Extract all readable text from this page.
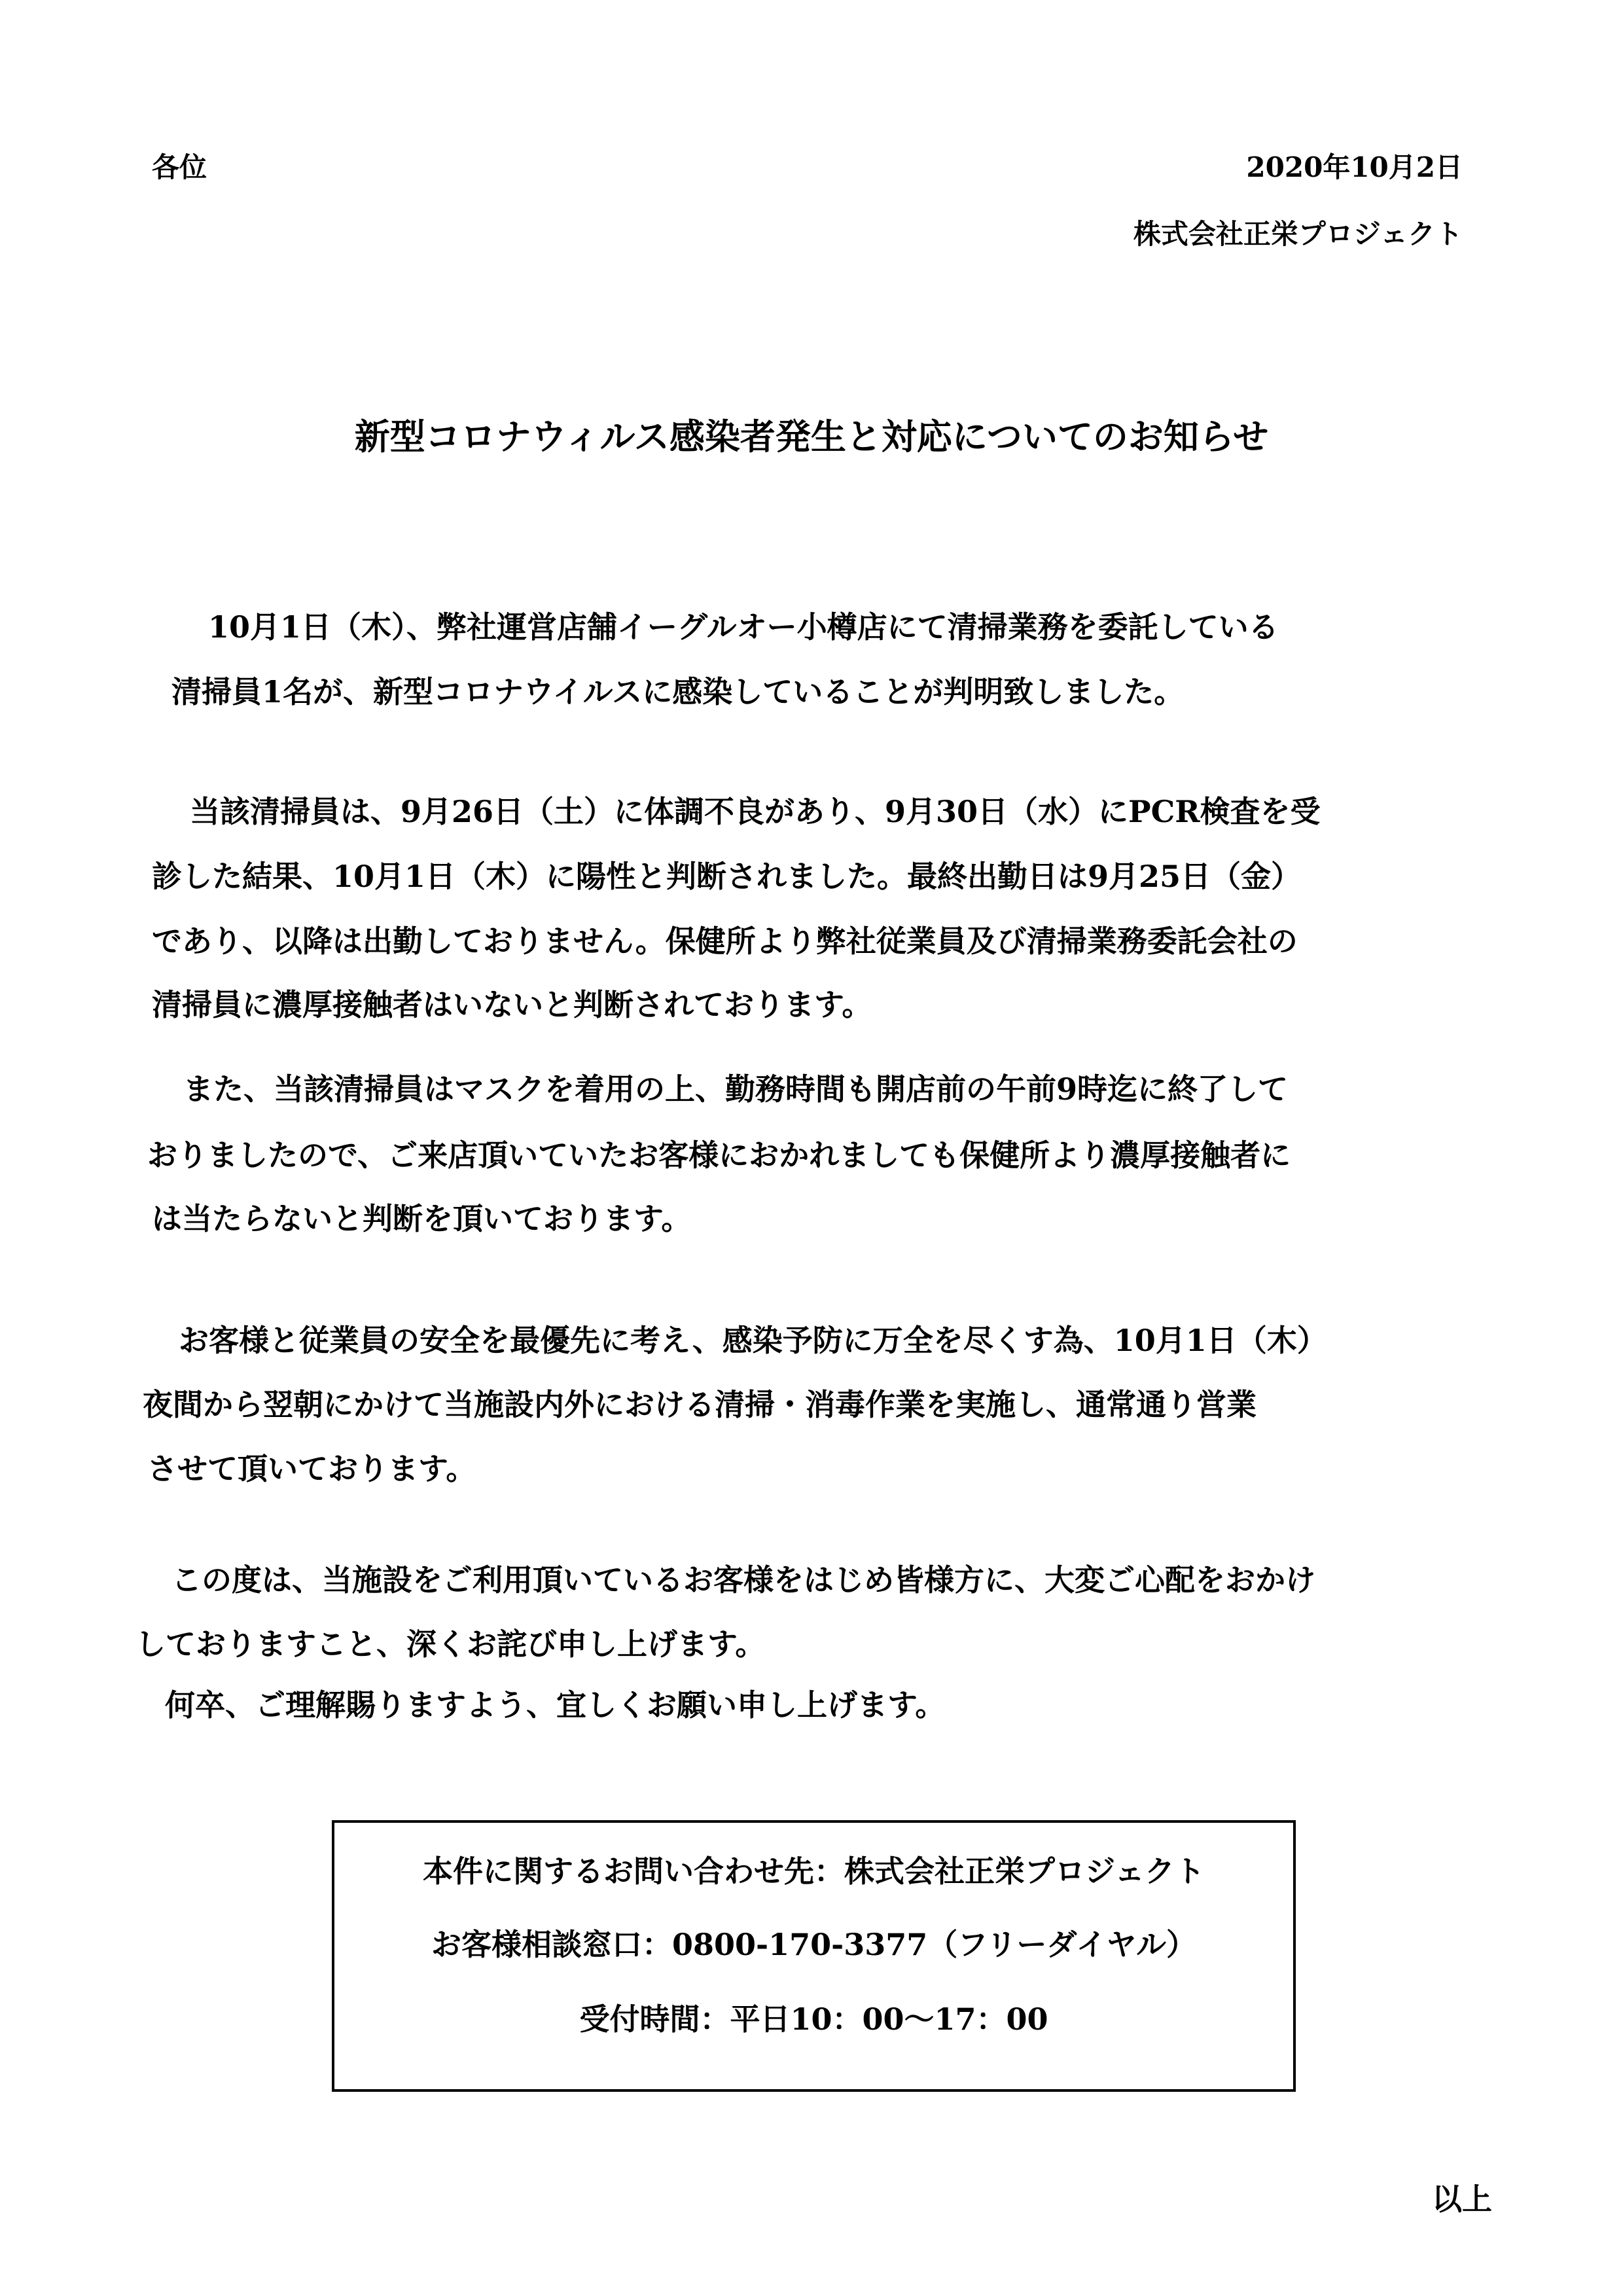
各位	2020年10月2日
株式会社正栄プロジェクト
新型コロナウィルス感染者発生と対応についてのお知らせ
10月1日（木）、弊社運営店舗イーグルオー小樽店にて清掃業務を委託している
清掃員1名が、新型コロナウイルスに感染していることが判明致しました。
当該清掃員は、9月26日（土）に体調不良があり、9月30日（水）にPCR検査を受
診した結果、10月1日（木）に陽性と判断されました。最終出勤日は9月25日（金）
であり、以降は出勤しておりません。保健所より弊社従業員及び清掃業務委託会社の
清掃員に濃厚接触者はいないと判断されております。
また、当該清掃員はマスクを着用の上、勤務時間も開店前の午前9時迄に終了して
おりましたので、ご来店頂いていたお客様におかれましても保健所より濃厚接触者に
は当たらないと判断を頂いております。
お客様と従業員の安全を最優先に考え、感染予防に万全を尽くす為、10月1日（木）
夜間から翌朝にかけて当施設内外における清掃・消毒作業を実施し、通常通り営業
させて頂いております。
この度は、当施設をご利用頂いているお客様をはじめ皆様方に、大変ご心配をおかけ
しておりますこと、深くお詫び申し上げます。
何卒、ご理解賜りますよう、宜しくお願い申し上げます。
本件に関するお問い合わせ先：株式会社正栄プロジェクト
お客様相談窓口：0800-170-3377（フリーダイヤル）
受付時間：平日10：00～17：00
以上
